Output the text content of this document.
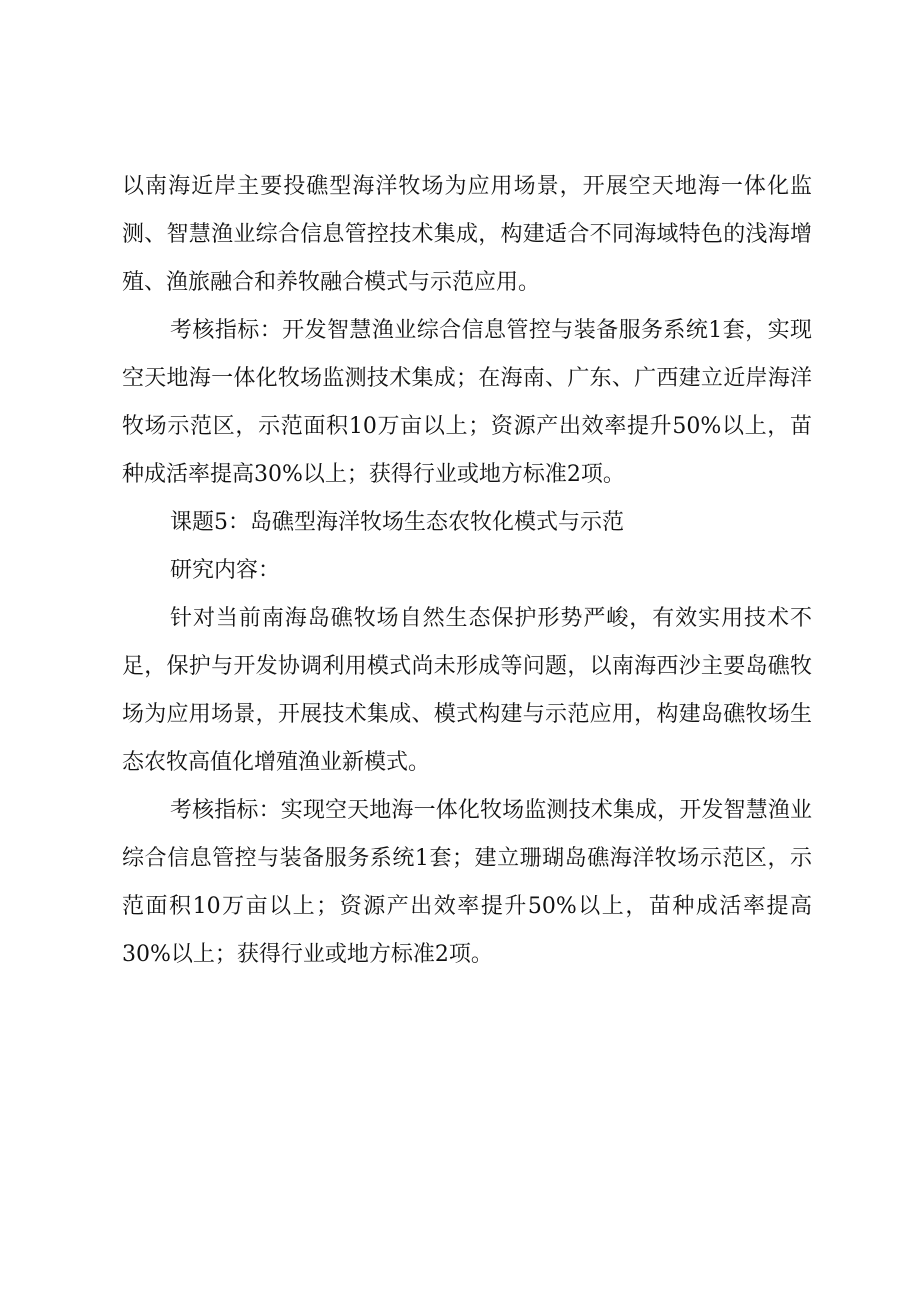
以南海近岸主要投礁型海洋牧场为应用场景，开展空天地海一体化监测、智慧渔业综合信息管控技术集成，构建适合不同海域特色的浅海增殖、渔旅融合和养牧融合模式与示范应用。

考核指标：开发智慧渔业综合信息管控与装备服务系统1套，实现空天地海一体化牧场监测技术集成；在海南、广东、广西建立近岸海洋牧场示范区，示范面积10万亩以上；资源产出效率提升50%以上，苗种成活率提高30%以上；获得行业或地方标准2项。

课题5：岛礁型海洋牧场生态农牧化模式与示范

研究内容：

针对当前南海岛礁牧场自然生态保护形势严峻，有效实用技术不足，保护与开发协调利用模式尚未形成等问题，以南海西沙主要岛礁牧场为应用场景，开展技术集成、模式构建与示范应用，构建岛礁牧场生态农牧高值化增殖渔业新模式。

考核指标：实现空天地海一体化牧场监测技术集成，开发智慧渔业综合信息管控与装备服务系统1套；建立珊瑚岛礁海洋牧场示范区，示范面积10万亩以上；资源产出效率提升50%以上，苗种成活率提高30%以上；获得行业或地方标准2项。
